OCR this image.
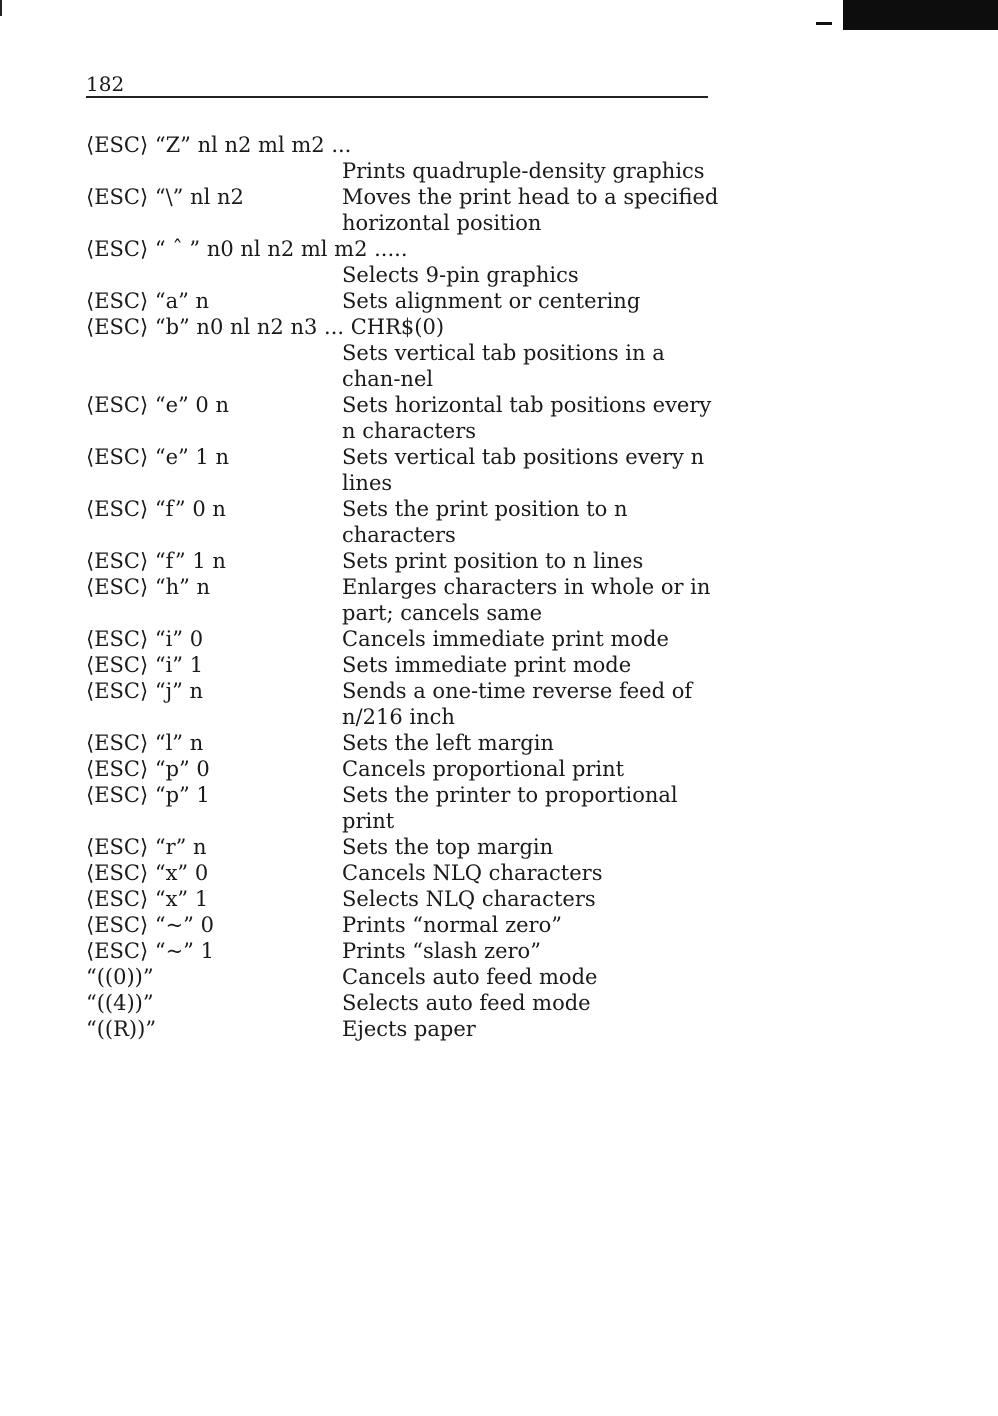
182
⟨ESC⟩ “Z” nl n2 ml m2 ...
Prints quadruple-density graphics
⟨ESC⟩ “\” nl n2	Moves the print head to a specified horizontal position
⟨ESC⟩ “ ˆ ” n0 nl n2 ml m2 .....
Selects 9-pin graphics
⟨ESC⟩ “a” n	Sets alignment or centering
⟨ESC⟩ “b” n0 nl n2 n3 ... CHR$(0)
Sets vertical tab positions in a chan-nel
⟨ESC⟩ “e” 0 n	Sets horizontal tab positions every n characters
⟨ESC⟩ “e” 1 n	Sets vertical tab positions every n lines
⟨ESC⟩ “f” 0 n	Sets the print position to n characters
⟨ESC⟩ “f” 1 n	Sets print position to n lines
⟨ESC⟩ “h” n	Enlarges characters in whole or in part; cancels same
⟨ESC⟩ “i” 0	Cancels immediate print mode
⟨ESC⟩ “i” 1	Sets immediate print mode
⟨ESC⟩ “j” n	Sends a one-time reverse feed of n/216 inch
⟨ESC⟩ “l” n	Sets the left margin
⟨ESC⟩ “p” 0	Cancels proportional print
⟨ESC⟩ “p” 1	Sets the printer to proportional print
⟨ESC⟩ “r” n	Sets the top margin
⟨ESC⟩ “x” 0	Cancels NLQ characters
⟨ESC⟩ “x” 1	Selects NLQ characters
⟨ESC⟩ “~” 0	Prints “normal zero”
⟨ESC⟩ “~” 1	Prints “slash zero”
“((0))”	Cancels auto feed mode
“((4))”	Selects auto feed mode
“((R))”	Ejects paper
